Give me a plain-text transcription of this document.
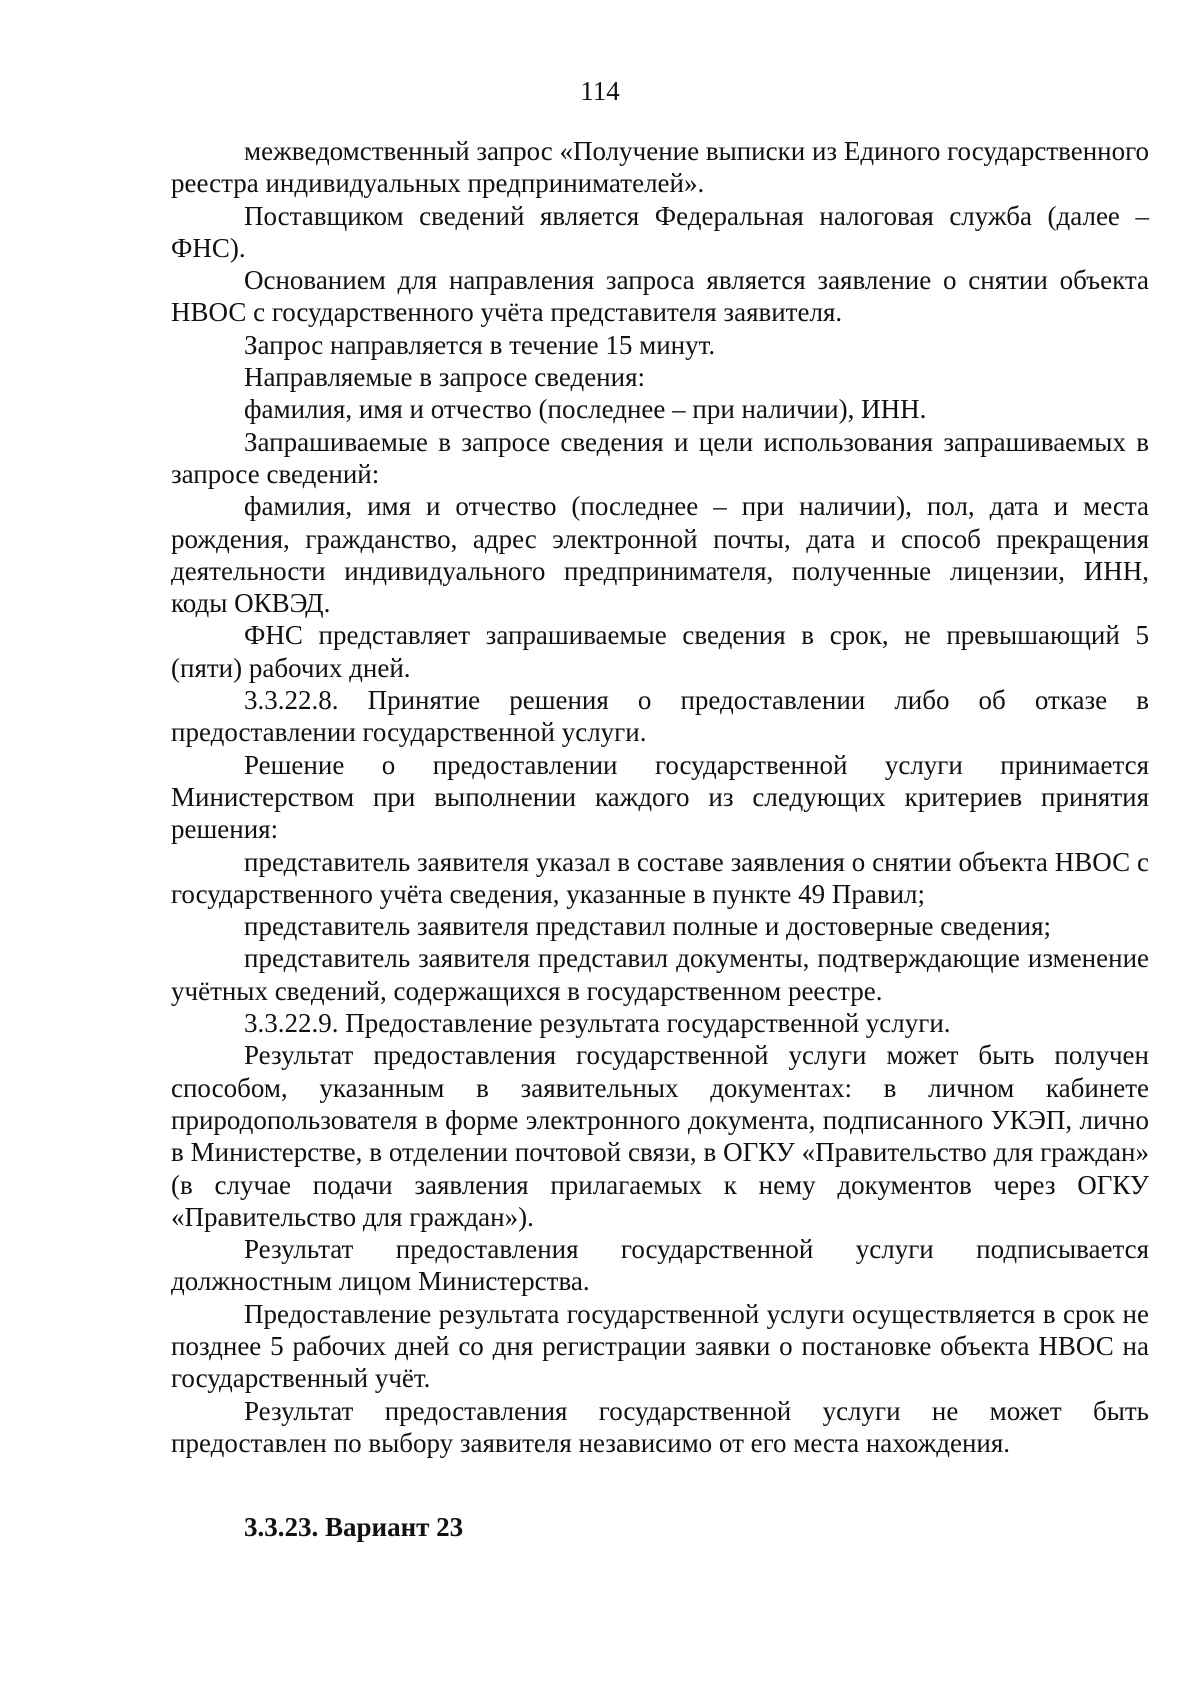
114

межведомственный запрос «Получение выписки из Единого государственного реестра индивидуальных предпринимателей».

Поставщиком сведений является Федеральная налоговая служба (далее – ФНС).

Основанием для направления запроса является заявление о снятии объекта НВОС с государственного учёта представителя заявителя.

Запрос направляется в течение 15 минут.

Направляемые в запросе сведения:

фамилия, имя и отчество (последнее – при наличии), ИНН.

Запрашиваемые в запросе сведения и цели использования запрашиваемых в запросе сведений:

фамилия, имя и отчество (последнее – при наличии), пол, дата и места рождения, гражданство, адрес электронной почты, дата и способ прекращения деятельности индивидуального предпринимателя, полученные лицензии, ИНН, коды ОКВЭД.

ФНС представляет запрашиваемые сведения в срок, не превышающий 5 (пяти) рабочих дней.

3.3.22.8. Принятие решения о предоставлении либо об отказе в предоставлении государственной услуги.

Решение о предоставлении государственной услуги принимается Министерством при выполнении каждого из следующих критериев принятия решения:

представитель заявителя указал в составе заявления о снятии объекта НВОС с государственного учёта сведения, указанные в пункте 49 Правил;

представитель заявителя представил полные и достоверные сведения;

представитель заявителя представил документы, подтверждающие изменение учётных сведений, содержащихся в государственном реестре.

3.3.22.9. Предоставление результата государственной услуги.

Результат предоставления государственной услуги может быть получен способом, указанным в заявительных документах: в личном кабинете природопользователя в форме электронного документа, подписанного УКЭП, лично в Министерстве, в отделении почтовой связи, в ОГКУ «Правительство для граждан» (в случае подачи заявления прилагаемых к нему документов через ОГКУ «Правительство для граждан»).

Результат предоставления государственной услуги подписывается должностным лицом Министерства.

Предоставление результата государственной услуги осуществляется в срок не позднее 5 рабочих дней со дня регистрации заявки о постановке объекта НВОС на государственный учёт.

Результат предоставления государственной услуги не может быть предоставлен по выбору заявителя независимо от его места нахождения.

3.3.23. Вариант 23
